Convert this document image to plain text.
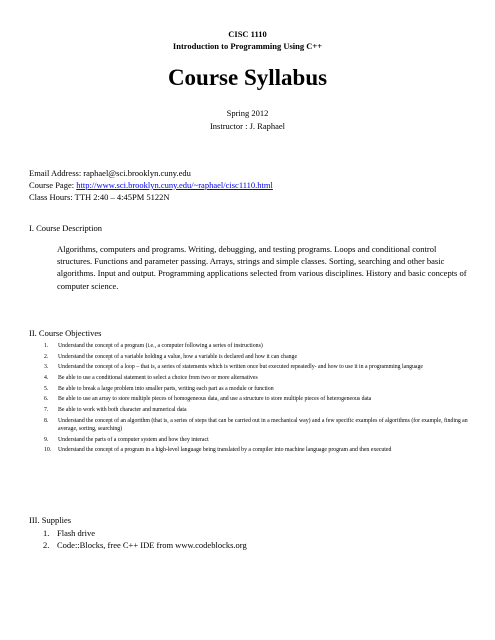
CISC 1110
Introduction to Programming Using C++
Course Syllabus
Spring 2012
Instructor : J. Raphael
Email Address: raphael@sci.brooklyn.cuny.edu
Course Page: http://www.sci.brooklyn.cuny.edu/~raphael/cisc1110.html
Class Hours: TTH 2:40 – 4:45PM 5122N
I. Course Description
Algorithms, computers and programs. Writing, debugging, and testing programs. Loops and conditional control structures. Functions and parameter passing. Arrays, strings and simple classes. Sorting, searching and other basic algorithms. Input and output. Programming applications selected from various disciplines. History and basic concepts of computer science.
II. Course Objectives
1. Understand the concept of a program (i.e., a computer following a series of instructions)
2. Understand the concept of a variable holding a value, how a variable is declared and how it can change
3. Understand the concept of a loop – that is, a series of statements which is written once but executed repeatedly- and how to use it in a programming language
4. Be able to use a conditional statement to select a choice from two or more alternatives
5. Be able to break a large problem into smaller parts, writing each part as a module or function
6. Be able to use an array to store multiple pieces of homogeneous data, and use a structure to store multiple pieces of heterogeneous data
7. Be able to work with both character and numerical data
8. Understand the concept of an algorithm (that is, a series of steps that can be carried out in a mechanical way) and a few specific examples of algorithms (for example, finding an average, sorting, searching)
9. Understand the parts of a computer system and how they interact
10. Understand the concept of a program in a high-level language being translated by a compiler into machine language program and then executed
III. Supplies
1. Flash drive
2. Code::Blocks, free C++ IDE from www.codeblocks.org
